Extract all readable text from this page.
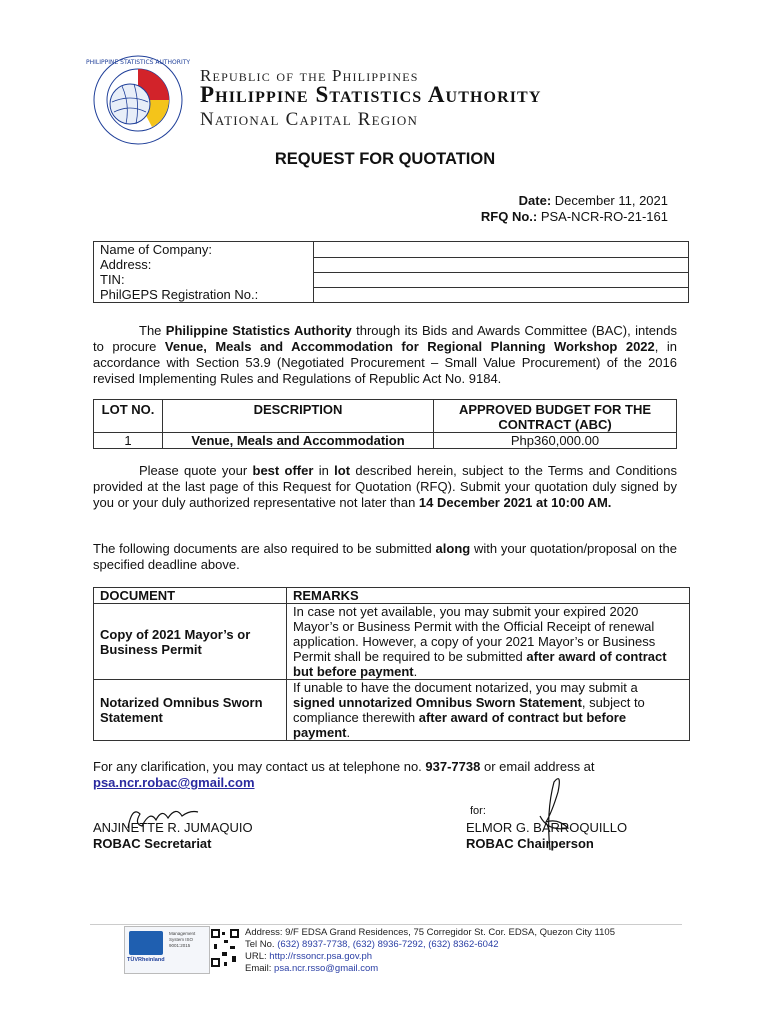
PHILIPPINE STATISTICS AUTHORITY
Republic of the Philippines
Philippine Statistics Authority
National Capital Region
REQUEST FOR QUOTATION
Date: December 11, 2021
RFQ No.: PSA-NCR-RO-21-161
Name of Company:	
Address:	
TIN:	
PhilGEPS Registration No.:	

The Philippine Statistics Authority through its Bids and Awards Committee (BAC), intends to procure Venue, Meals and Accommodation for Regional Planning Workshop 2022, in accordance with Section 53.9 (Negotiated Procurement – Small Value Procurement) of the 2016 revised Implementing Rules and Regulations of Republic Act No. 9184.

LOT NO.	DESCRIPTION	APPROVED BUDGET FOR THE CONTRACT (ABC)
1	Venue, Meals and Accommodation	Php360,000.00

Please quote your best offer in lot described herein, subject to the Terms and Conditions provided at the last page of this Request for Quotation (RFQ). Submit your quotation duly signed by you or your duly authorized representative not later than 14 December 2021 at 10:00 AM.

The following documents are also required to be submitted along with your quotation/proposal on the specified deadline above.

DOCUMENT	REMARKS
Copy of 2021 Mayor’s or Business Permit	In case not yet available, you may submit your expired 2020 Mayor’s or Business Permit with the Official Receipt of renewal application. However, a copy of your 2021 Mayor’s or Business Permit shall be required to be submitted after award of contract but before payment.
Notarized Omnibus Sworn Statement	If unable to have the document notarized, you may submit a signed unnotarized Omnibus Sworn Statement, subject to compliance therewith after award of contract but before payment.

For any clarification, you may contact us at telephone no. 937-7738 or email address at
psa.ncr.robac@gmail.com

for:
ANJINETTE R. JUMAQUIO
ROBAC Secretariat
ELMOR G. BARROQUILLO
ROBAC Chairperson
TÜVRheinland
Management System ISO 9001:2015
Address: 9/F EDSA Grand Residences, 75 Corregidor St. Cor. EDSA, Quezon City 1105
Tel No. (632) 8937-7738, (632) 8936-7292, (632) 8362-6042
URL: http://rssoncr.psa.gov.ph
Email: psa.ncr.rsso@gmail.com
